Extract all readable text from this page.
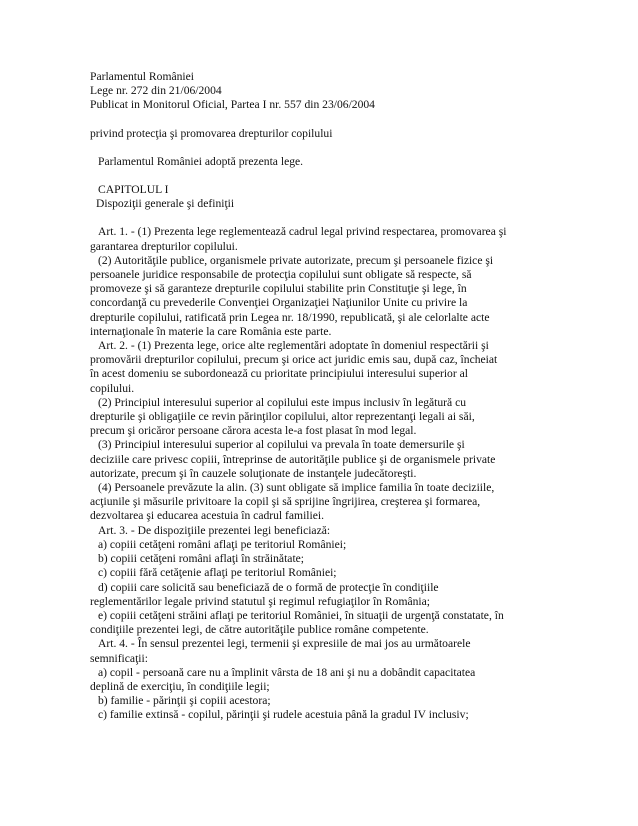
Parlamentul României
Lege nr. 272 din 21/06/2004
Publicat in Monitorul Oficial, Partea I nr. 557 din 23/06/2004
privind protecţia şi promovarea drepturilor copilului
Parlamentul României adoptă prezenta lege.
CAPITOLUL I
Dispoziţii generale şi definiţii
Art. 1. - (1) Prezenta lege reglementează cadrul legal privind respectarea, promovarea şi
garantarea drepturilor copilului.
(2) Autorităţile publice, organismele private autorizate, precum şi persoanele fizice şi
persoanele juridice responsabile de protecţia copilului sunt obligate să respecte, să
promoveze şi să garanteze drepturile copilului stabilite prin Constituţie şi lege, în
concordanţă cu prevederile Convenţiei Organizaţiei Naţiunilor Unite cu privire la
drepturile copilului, ratificată prin Legea nr. 18/1990, republicată, şi ale celorlalte acte
internaţionale în materie la care România este parte.
Art. 2. - (1) Prezenta lege, orice alte reglementări adoptate în domeniul respectării şi
promovării drepturilor copilului, precum şi orice act juridic emis sau, după caz, încheiat
în acest domeniu se subordonează cu prioritate principiului interesului superior al
copilului.
(2) Principiul interesului superior al copilului este impus inclusiv în legătură cu
drepturile şi obligaţiile ce revin părinţilor copilului, altor reprezentanţi legali ai săi,
precum şi oricăror persoane cărora acesta le-a fost plasat în mod legal.
(3) Principiul interesului superior al copilului va prevala în toate demersurile şi
deciziile care privesc copiii, întreprinse de autorităţile publice şi de organismele private
autorizate, precum şi în cauzele soluţionate de instanţele judecătoreşti.
(4) Persoanele prevăzute la alin. (3) sunt obligate să implice familia în toate deciziile,
acţiunile şi măsurile privitoare la copil şi să sprijine îngrijirea, creşterea şi formarea,
dezvoltarea şi educarea acestuia în cadrul familiei.
Art. 3. - De dispoziţiile prezentei legi beneficiază:
a) copiii cetăţeni români aflaţi pe teritoriul României;
b) copiii cetăţeni români aflaţi în străinătate;
c) copiii fără cetăţenie aflaţi pe teritoriul României;
d) copiii care solicită sau beneficiază de o formă de protecţie în condiţiile
reglementărilor legale privind statutul şi regimul refugiaţilor în România;
e) copiii cetăţeni străini aflaţi pe teritoriul României, în situaţii de urgenţă constatate, în
condiţiile prezentei legi, de către autorităţile publice române competente.
Art. 4. - În sensul prezentei legi, termenii şi expresiile de mai jos au următoarele
semnificaţii:
a) copil - persoană care nu a împlinit vârsta de 18 ani şi nu a dobândit capacitatea
deplină de exerciţiu, în condiţiile legii;
b) familie - părinţii şi copiii acestora;
c) familie extinsă - copilul, părinţii şi rudele acestuia până la gradul IV inclusiv;
